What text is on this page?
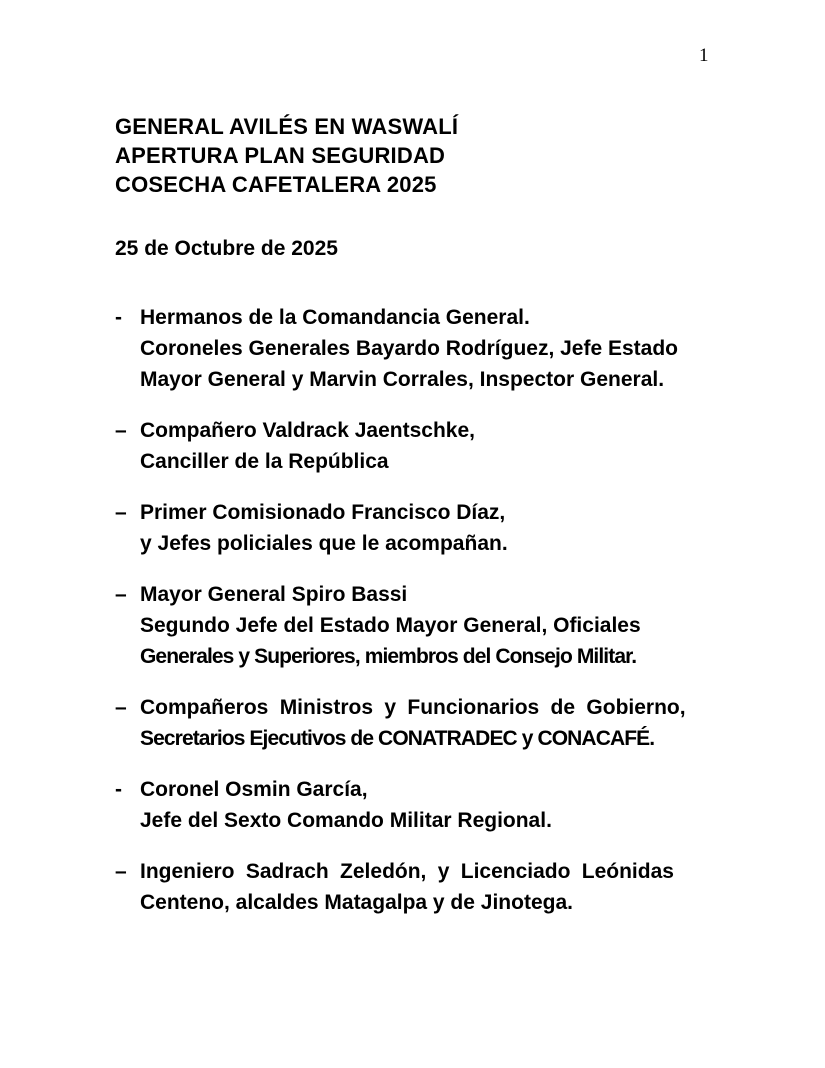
1
GENERAL AVILÉS EN WASWALÍ
APERTURA PLAN SEGURIDAD
COSECHA CAFETALERA 2025
25 de Octubre de 2025
- Hermanos de la Comandancia General.
Coroneles Generales Bayardo Rodríguez, Jefe Estado
Mayor General y Marvin Corrales, Inspector General.
– Compañero Valdrack Jaentschke,
Canciller de la República
– Primer Comisionado Francisco Díaz,
y Jefes policiales que le acompañan.
– Mayor General Spiro Bassi
Segundo Jefe del Estado Mayor General, Oficiales
Generales y Superiores, miembros del Consejo Militar.
– Compañeros Ministros y Funcionarios de Gobierno,
Secretarios Ejecutivos de CONATRADEC y CONACAFÉ.
- Coronel Osmin García,
Jefe del Sexto Comando Militar Regional.
– Ingeniero Sadrach Zeledón, y Licenciado Leónidas
Centeno, alcaldes Matagalpa y de Jinotega.
